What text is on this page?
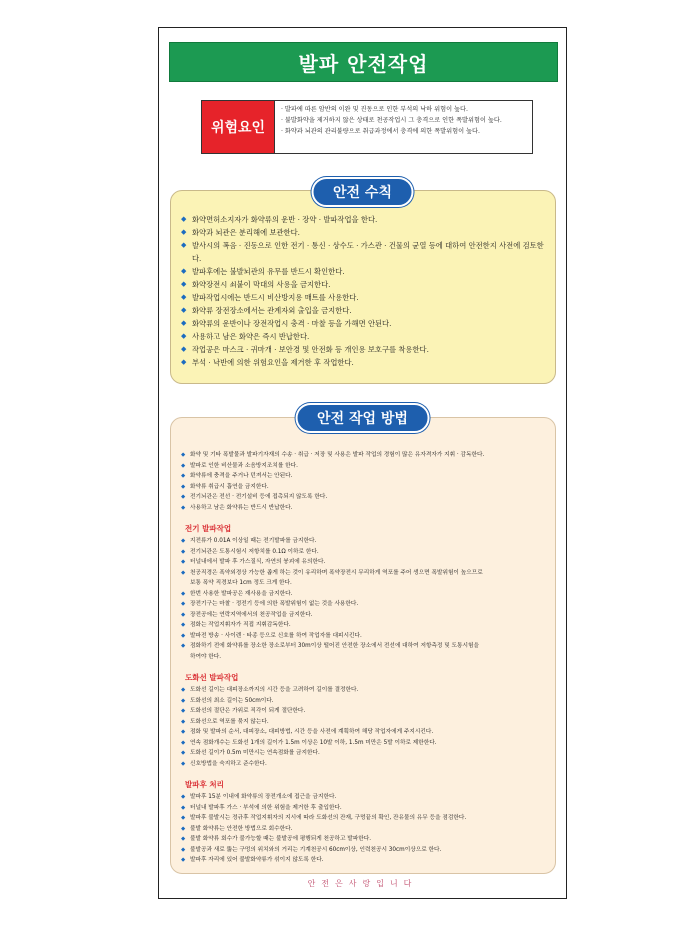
발파 안전작업
위험요인
· 발파에 따른 암반의 이완 및 진동으로 인한 부석의 낙하 위험이 높다.
· 불발화약을 제거하지 않은 상태로 천공작업시 그 충격으로 인한 폭발위험이 높다.
· 화약과 뇌관의 관리불량으로 취급과정에서 충격에 의한 폭발위험이 높다.
◆ 화약면허소지자가 화약류의 운반 · 장약 · 발파작업을 한다.
◆ 화약과 뇌관은 분리해에 보관한다.
◆ 발사시의 폭음 · 진동으로 인한 전기 · 통신 · 상수도 · 가스관 · 건물의 균열 등에 대하여 안전한지 사전에 검토한다.
◆ 발파후에는 불발뇌관의 유무를 반드시 확인한다.
◆ 화약장전시 쇠붙이 막대의 사용을 금지한다.
◆ 발파작업시에는 반드시 비산방지용 매트를 사용한다.
◆ 화약류 장전장소에서는 관계자외 출입을 금지한다.
◆ 화약류의 운반이나 장전작업시 충격 · 마찰 등을 가해면 안된다.
◆ 사용하고 남은 화약은 즉시 반납한다.
◆ 작업공은 마스크 · 귀마개 · 보안경 및 안전화 등 개인용 보호구를 착용한다.
◆ 부석 · 낙반에 의한 위험요인을 제거한 후 작업한다.
안전 수칙
◆ 화약 및 기타 폭발물과 발파기자재의 수송 · 취급 · 저장 및 사용은 발파 작업의 경험이 많은 유자격자가 지휘 · 감독한다.
◆ 발파로 인한 비산물과 소음방지조치를 한다.
◆ 화약류에 충격을 주거나 던져서는 안된다.
◆ 화약류 취급시 흡연을 금지한다.
◆ 전기뇌관은 전선 · 전기설비 등에 접촉되지 않도록 한다.
◆ 사용하고 남은 화약류는 반드시 반납한다.
전기 발파작업
◆ 지전류가 0.01A 이상일 때는 전기발파를 금지한다.
◆ 전기뇌관은 도통시험시 저항치를 0.1Ω 이하로 한다.
◆ 터널내에서 발파 후 가스질식, 자연의 붕괴에 유의한다.
◆ 천공직경은 폭약외경상 가능한 좁게 하는 것이 유리하며 폭약장전시 무리하게 역포를 주어 생으면 폭발위험이 높으므로
보통 폭약 직경보다 1cm 정도 크게 한다.
◆ 한번 사용한 발파공은 재사용을 금지한다.
◆ 장전기구는 마찰 · 정전기 등에 의한 폭발위험이 없는 것을 사용한다.
◆ 장전공에는 연락지역에서의 천공작업을 금지한다.
◆ 점화는 작업지휘자가 직접 지휘감독한다.
◆ 발파전 방송 · 사이렌 · 타종 등으로 신호를 하여 작업자를 대피시킨다.
◆ 점화하기 전에 화약류를 장소한 장소로부터 30m이상 떨어진 안전한 장소에서 전선에 대하여 저항측정 및 도통시험을
하여야 한다.
도화선 발파작업
◆ 도화선 길이는 대피장소까지의 시간 등을 고려하여 길이를 결정한다.
◆ 도화선의 최소 길이는 50cm이다.
◆ 도화선의 절단은 가위로 직각이 되게 절단한다.
◆ 도화선으로 역포를 묶지 않는다.
◆ 점화 및 발파의 순서, 대피장소, 대피방법, 시간 등을 사전에 계획하여 해당 작업자에게 주지시킨다.
◆ 연속 점화개수는 도화선 1개의 길이가 1.5m 이상은 10발 이하, 1.5m 미만은 5발 이하로 제한한다.
◆ 도화선 길이가 0.5m 미만시는 연속점화를 금지한다.
◆ 신호방법을 숙지하고 준수한다.
발파후 처리
◆ 발파후 15분 이내에 화약류의 장전개소에 접근을 금지한다.
◆ 터널내 발파후 가스 · 부석에 의한 위험을 제거한 후 출입한다.
◆ 발파후 불발시는 정규후 작업지휘자의 지시에 따라 도화선의 잔재, 구멍끝의 확인, 잔유물의 유무 등을 점검한다.
◆ 불발 화약류는 안전한 방법으로 회수한다.
◆ 불발 화약류 회수가 불가능할 때는 불발공에 평행되게 천공하고 발파한다.
◆ 불발공과 새로 뚫는 구멍의 위치와의 거리는 기계천공시 60cm이상, 인력천공시 30cm이상으로 한다.
◆ 발파후 자리에 있어 불발화약류가 섞이지 않도록 한다.
안전 작업 방법
안전은사랑입니다
